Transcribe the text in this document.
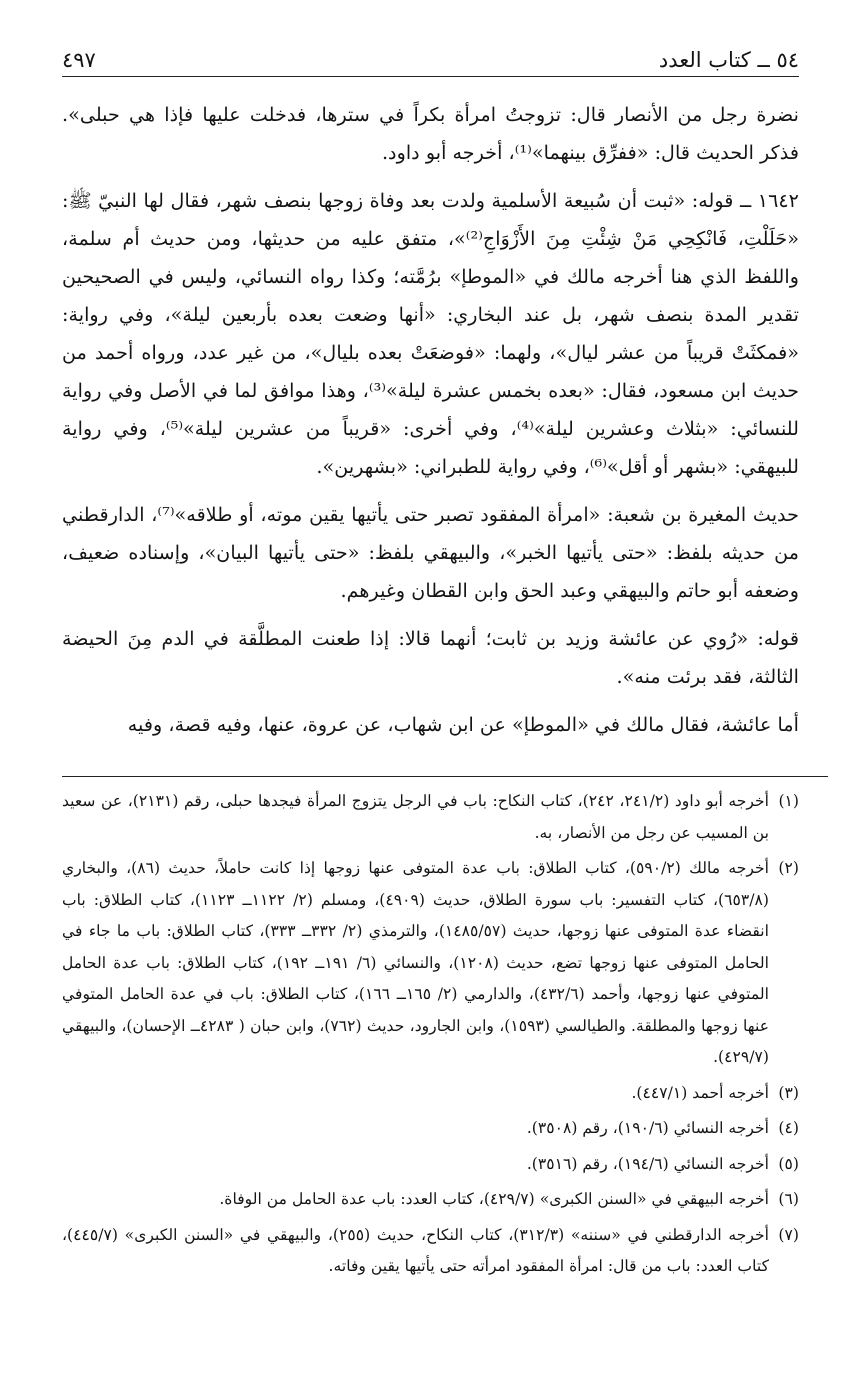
٥٤ ــ كتاب العدد
٤٩٧

نضرة رجل من الأنصار قال: تزوجتُ امرأة بكراً في سترها، فدخلت عليها فإذا هي حبلى». فذكر الحديث قال: «ففرِّق بينهما»⁽¹⁾، أخرجه أبو داود.

١٦٤٢ ــ قوله: «ثبت أن سُبيعة الأسلمية ولدت بعد وفاة زوجها بنصف شهر، فقال لها النبيّ ﷺ: «حَلَلْتِ، فَانْكِحِي مَنْ شِئْتِ مِنَ الأَزْوَاجِ⁽²⁾»، متفق عليه من حديثها، ومن حديث أم سلمة، واللفظ الذي هنا أخرجه مالك في «الموطإ» برُمَّته؛ وكذا رواه النسائي، وليس في الصحيحين تقدير المدة بنصف شهر، بل عند البخاري: «أنها وضعت بعده بأربعين ليلة»، وفي رواية: «فمكثَتْ قريباً من عشر ليال»، ولهما: «فوضعَتْ بعده بليال»، من غير عدد، ورواه أحمد من حديث ابن مسعود، فقال: «بعده بخمس عشرة ليلة»⁽³⁾، وهذا موافق لما في الأصل وفي رواية للنسائي: «بثلاث وعشرين ليلة»⁽⁴⁾، وفي أخرى: «قريباً من عشرين ليلة»⁽⁵⁾، وفي رواية للبيهقي: «بشهر أو أقل»⁽⁶⁾، وفي رواية للطبراني: «بشهرين».

حديث المغيرة بن شعبة: «امرأة المفقود تصبر حتى يأتيها يقين موته، أو طلاقه»⁽⁷⁾، الدارقطني من حديثه بلفظ: «حتى يأتيها الخبر»، والبيهقي بلفظ: «حتى يأتيها البيان»، وإسناده ضعيف، وضعفه أبو حاتم والبيهقي وعبد الحق وابن القطان وغيرهم.

قوله: «رُوي عن عائشة وزيد بن ثابت؛ أنهما قالا: إذا طعنت المطلَّقة في الدم مِنَ الحيضة الثالثة، فقد برئت منه».

أما عائشة، فقال مالك في «الموطإ» عن ابن شهاب، عن عروة، عنها، وفيه قصة، وفيه

(١)أخرجه أبو داود (٢٤١/٢، ٢٤٢)، كتاب النكاح: باب في الرجل يتزوج المرأة فيجدها حبلى، رقم (٢١٣١)، عن سعيد بن المسيب عن رجل من الأنصار، به.
(٢)أخرجه مالك (٥٩٠/٢)، كتاب الطلاق: باب عدة المتوفى عنها زوجها إذا كانت حاملاً، حديث (٨٦)، والبخاري (٦٥٣/٨)، كتاب التفسير: باب سورة الطلاق، حديث (٤٩٠٩)، ومسلم (٢/ ١١٢٢ــ ١١٢٣)، كتاب الطلاق: باب انقضاء عدة المتوفى عنها زوجها، حديث (١٤٨٥/٥٧)، والترمذي (٢/ ٣٣٢ــ ٣٣٣)، كتاب الطلاق: باب ما جاء في الحامل المتوفى عنها زوجها تضع، حديث (١٢٠٨)، والنسائي (٦/ ١٩١ــ ١٩٢)، كتاب الطلاق: باب عدة الحامل المتوفي عنها زوجها، وأحمد (٤٣٢/٦)، والدارمي (٢/ ١٦٥ــ ١٦٦)، كتاب الطلاق: باب في عدة الحامل المتوفي عنها زوجها والمطلقة. والطيالسي (١٥٩٣)، وابن الجارود، حديث (٧٦٢)، وابن حبان ( ٤٢٨٣ــ الإحسان)، والبيهقي (٤٢٩/٧).
(٣)أخرجه أحمد (٤٤٧/١).
(٤)أخرجه النسائي (١٩٠/٦)، رقم (٣٥٠٨).
(٥)أخرجه النسائي (١٩٤/٦)، رقم (٣٥١٦).
(٦)أخرجه البيهقي في «السنن الكبرى» (٤٢٩/٧)، كتاب العدد: باب عدة الحامل من الوفاة.
(٧)أخرجه الدارقطني في «سننه» (٣١٢/٣)، كتاب النكاح، حديث (٢٥٥)، والبيهقي في «السنن الكبرى» (٤٤٥/٧)، كتاب العدد: باب من قال: امرأة المفقود امرأته حتى يأتيها يقين وفاته.
